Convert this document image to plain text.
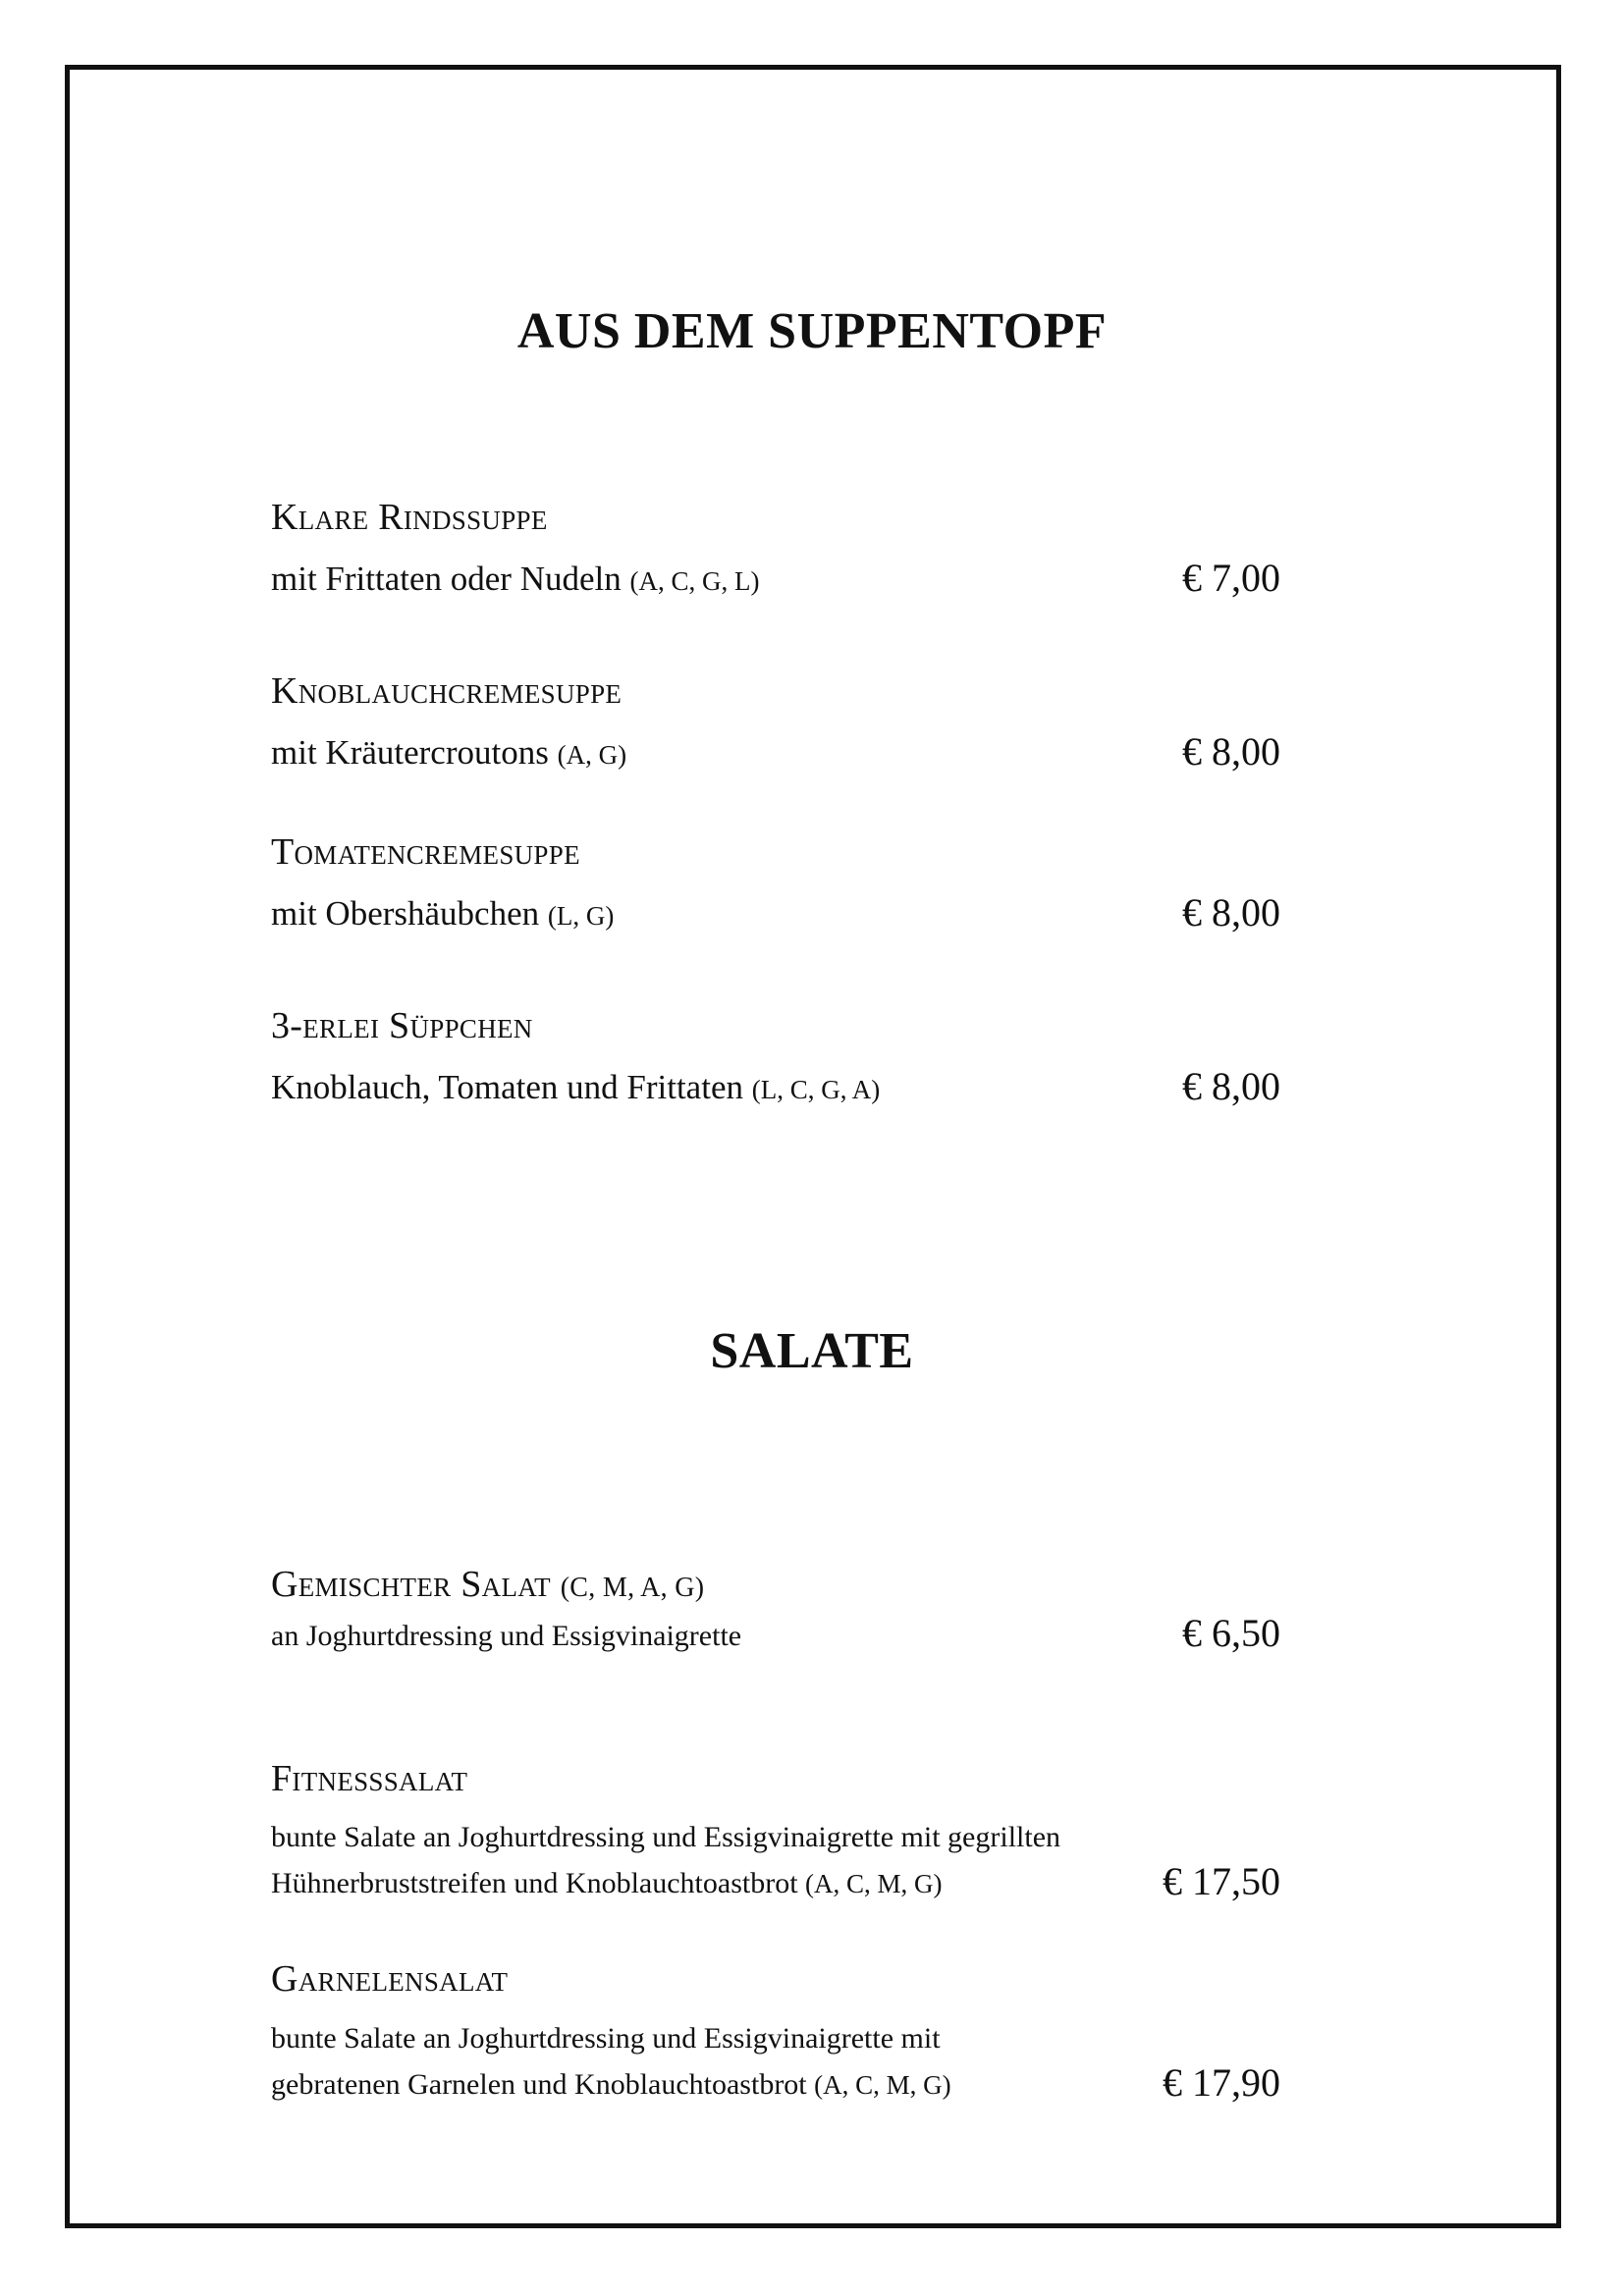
AUS DEM SUPPENTOPF
Klare Rindssuppe
mit Frittaten oder Nudeln (A, C, G, L)	€ 7,00
Knoblauchcremesuppe
mit Kräutercroutons (A, G)	€ 8,00
Tomatencremesuppe
mit Obershäubchen (L, G)	€ 8,00
3-erlei Süppchen
Knoblauch, Tomaten und Frittaten (L, C, G, A)	€ 8,00
SALATE
Gemischter Salat (C, M, A, G)
an Joghurtdressing und Essigvinaigrette	€ 6,50
Fitnesssalat
bunte Salate an Joghurtdressing und Essigvinaigrette mit gegrillten
Hühnerbruststreifen und Knoblauchtoastbrot (A, C, M, G)	€ 17,50
Garnelensalat
bunte Salate an Joghurtdressing und Essigvinaigrette mit
gebratenen Garnelen und Knoblauchtoastbrot (A, C, M, G)	€ 17,90
